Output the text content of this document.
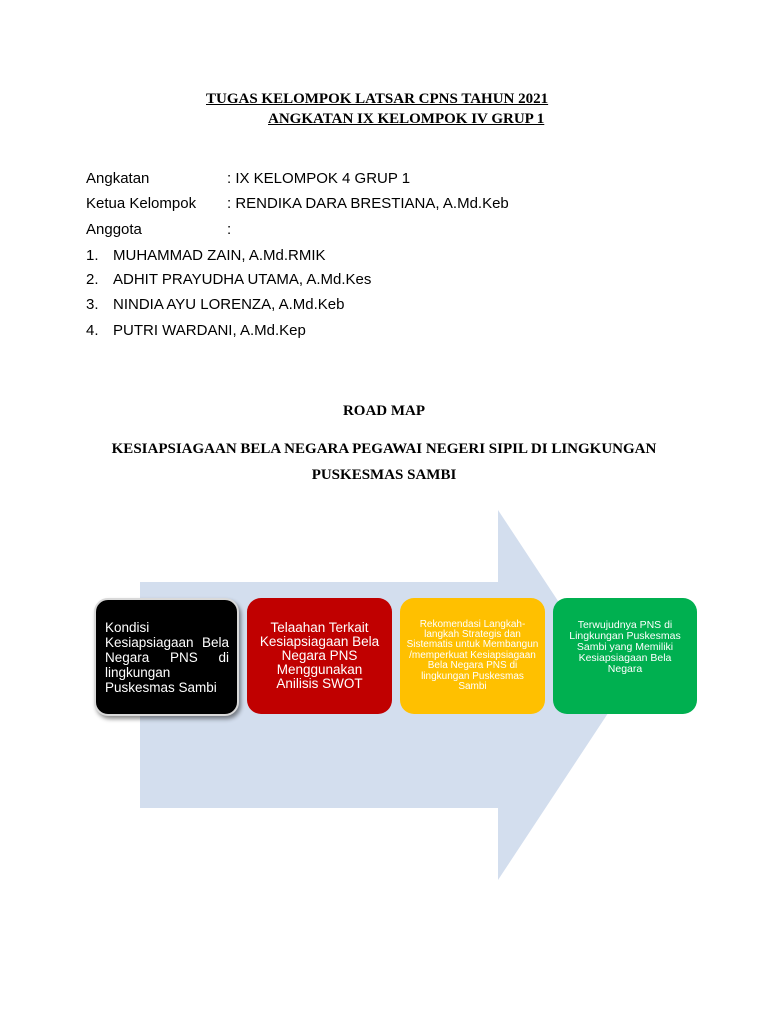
TUGAS KELOMPOK LATSAR CPNS TAHUN 2021
ANGKATAN IX KELOMPOK IV GRUP 1
Angkatan	: IX KELOMPOK 4 GRUP 1
Ketua Kelompok : RENDIKA DARA BRESTIANA, A.Md.Keb
Anggota	:
1. MUHAMMAD ZAIN, A.Md.RMIK
2. ADHIT PRAYUDHA UTAMA, A.Md.Kes
3. NINDIA AYU LORENZA, A.Md.Keb
4. PUTRI WARDANI, A.Md.Kep
ROAD MAP
KESIAPSIAGAAN BELA NEGARA PEGAWAI NEGERI SIPIL DI LINGKUNGAN
PUSKESMAS SAMBI
Kondisi Kesiapsiagaan Bela Negara PNS di lingkungan Puskesmas Sambi
Telaahan Terkait Kesiapsiagaan Bela Negara PNS Menggunakan Anilisis SWOT
Rekomendasi Langkah- langkah Strategis dan Sistematis untuk Membangun /memperkuat Kesiapsiagaan Bela Negara PNS di lingkungan Puskesmas Sambi
Terwujudnya PNS di Lingkungan Puskesmas Sambi yang Memiliki Kesiapsiagaan Bela Negara
